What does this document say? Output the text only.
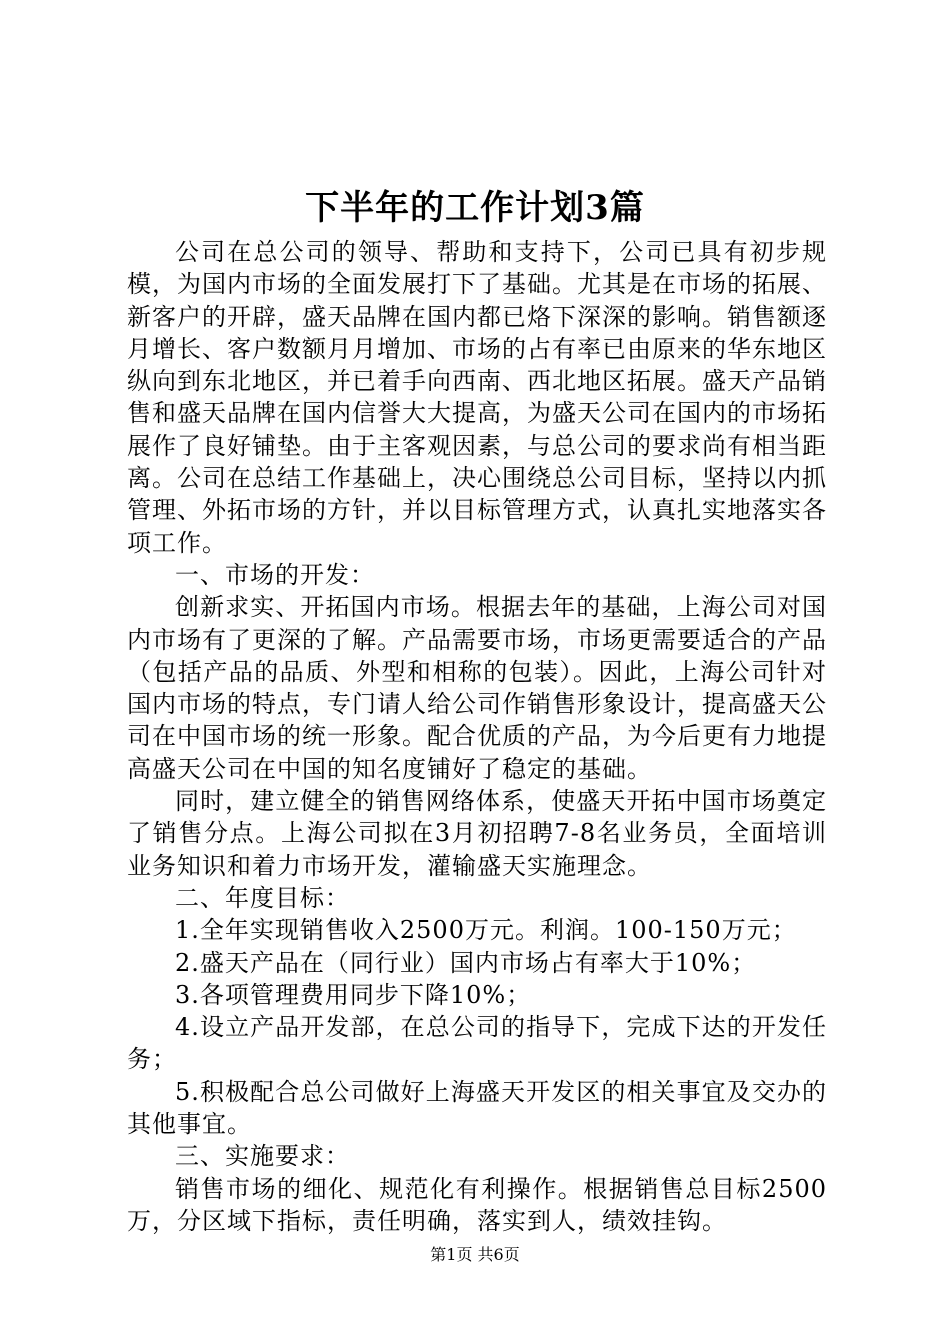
下半年的工作计划3篇

公司在总公司的领导、帮助和支持下，公司已具有初步规模，为国内市场的全面发展打下了基础。尤其是在市场的拓展、新客户的开辟，盛天品牌在国内都已烙下深深的影响。销售额逐月增长、客户数额月月增加、市场的占有率已由原来的华东地区纵向到东北地区，并已着手向西南、西北地区拓展。盛天产品销售和盛天品牌在国内信誉大大提高，为盛天公司在国内的市场拓展作了良好铺垫。由于主客观因素，与总公司的要求尚有相当距离。公司在总结工作基础上，决心围绕总公司目标，坚持以内抓管理、外拓市场的方针，并以目标管理方式，认真扎实地落实各项工作。

一、市场的开发：

创新求实、开拓国内市场。根据去年的基础，上海公司对国内市场有了更深的了解。产品需要市场，市场更需要适合的产品（包括产品的品质、外型和相称的包装）。因此，上海公司针对国内市场的特点，专门请人给公司作销售形象设计，提高盛天公司在中国市场的统一形象。配合优质的产品，为今后更有力地提高盛天公司在中国的知名度铺好了稳定的基础。

同时，建立健全的销售网络体系，使盛天开拓中国市场奠定了销售分点。上海公司拟在3月初招聘7-8名业务员，全面培训业务知识和着力市场开发，灌输盛天实施理念。

二、年度目标：

1.全年实现销售收入2500万元。利润。100-150万元；

2.盛天产品在（同行业）国内市场占有率大于10%；

3.各项管理费用同步下降10%；

4.设立产品开发部，在总公司的指导下，完成下达的开发任务；

5.积极配合总公司做好上海盛天开发区的相关事宜及交办的其他事宜。

三、实施要求：

销售市场的细化、规范化有利操作。根据销售总目标2500万，分区域下指标，责任明确，落实到人，绩效挂钩。

第1页 共6页
